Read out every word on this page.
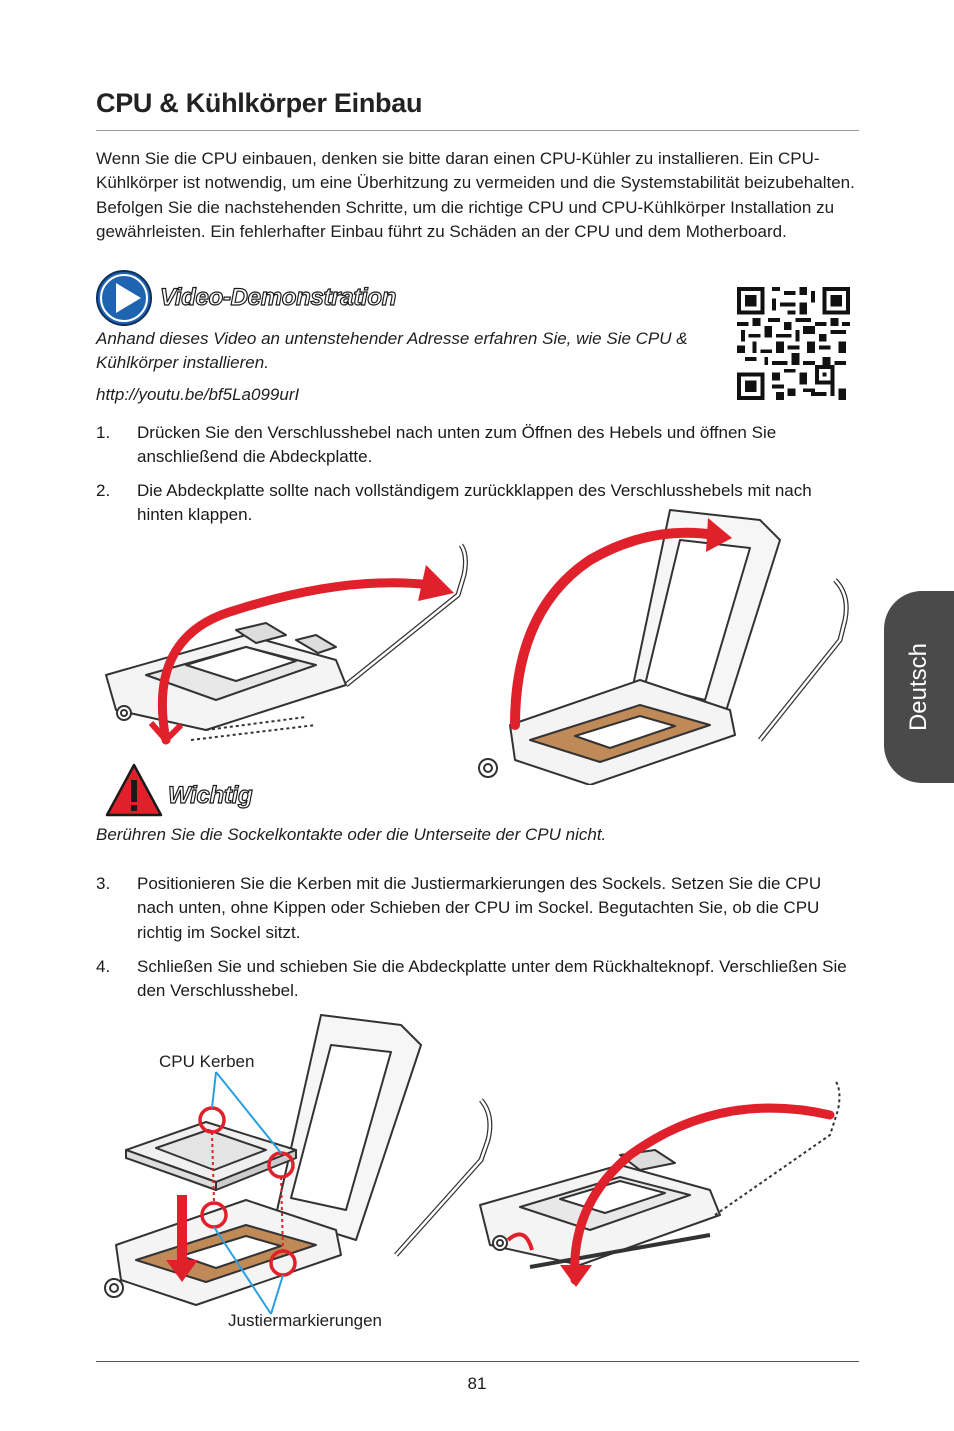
CPU & Kühlkörper Einbau
Wenn Sie die CPU einbauen, denken sie bitte daran einen CPU-Kühler zu installieren. Ein CPU-Kühlkörper ist notwendig, um eine Überhitzung zu vermeiden und die Systemstabilität beizubehalten. Befolgen Sie die nachstehenden Schritte, um die richtige CPU und CPU-Kühlkörper Installation zu gewährleisten. Ein fehlerhafter Einbau führt zu Schäden an der CPU und dem Motherboard.
Video-Demonstration
Anhand dieses Video an untenstehender Adresse erfahren Sie, wie Sie CPU & Kühlkörper installieren.
http://youtu.be/bf5La099urI
1. Drücken Sie den Verschlusshebel nach unten zum Öffnen des Hebels und öffnen Sie anschließend die Abdeckplatte.
2. Die Abdeckplatte sollte nach vollständigem zurückklappen des Verschlusshebels mit nach hinten klappen.
Wichtig
Berühren Sie die Sockelkontakte oder die Unterseite der CPU nicht.
Deutsch
3. Positionieren Sie die Kerben mit die Justiermarkierungen des Sockels. Setzen Sie die CPU nach unten, ohne Kippen oder Schieben der CPU im Sockel. Begutachten Sie, ob die CPU richtig im Sockel sitzt.
4. Schließen Sie und schieben Sie die Abdeckplatte unter dem Rückhalteknopf. Verschließen Sie den Verschlusshebel.
CPU Kerben
Justiermarkierungen
81
